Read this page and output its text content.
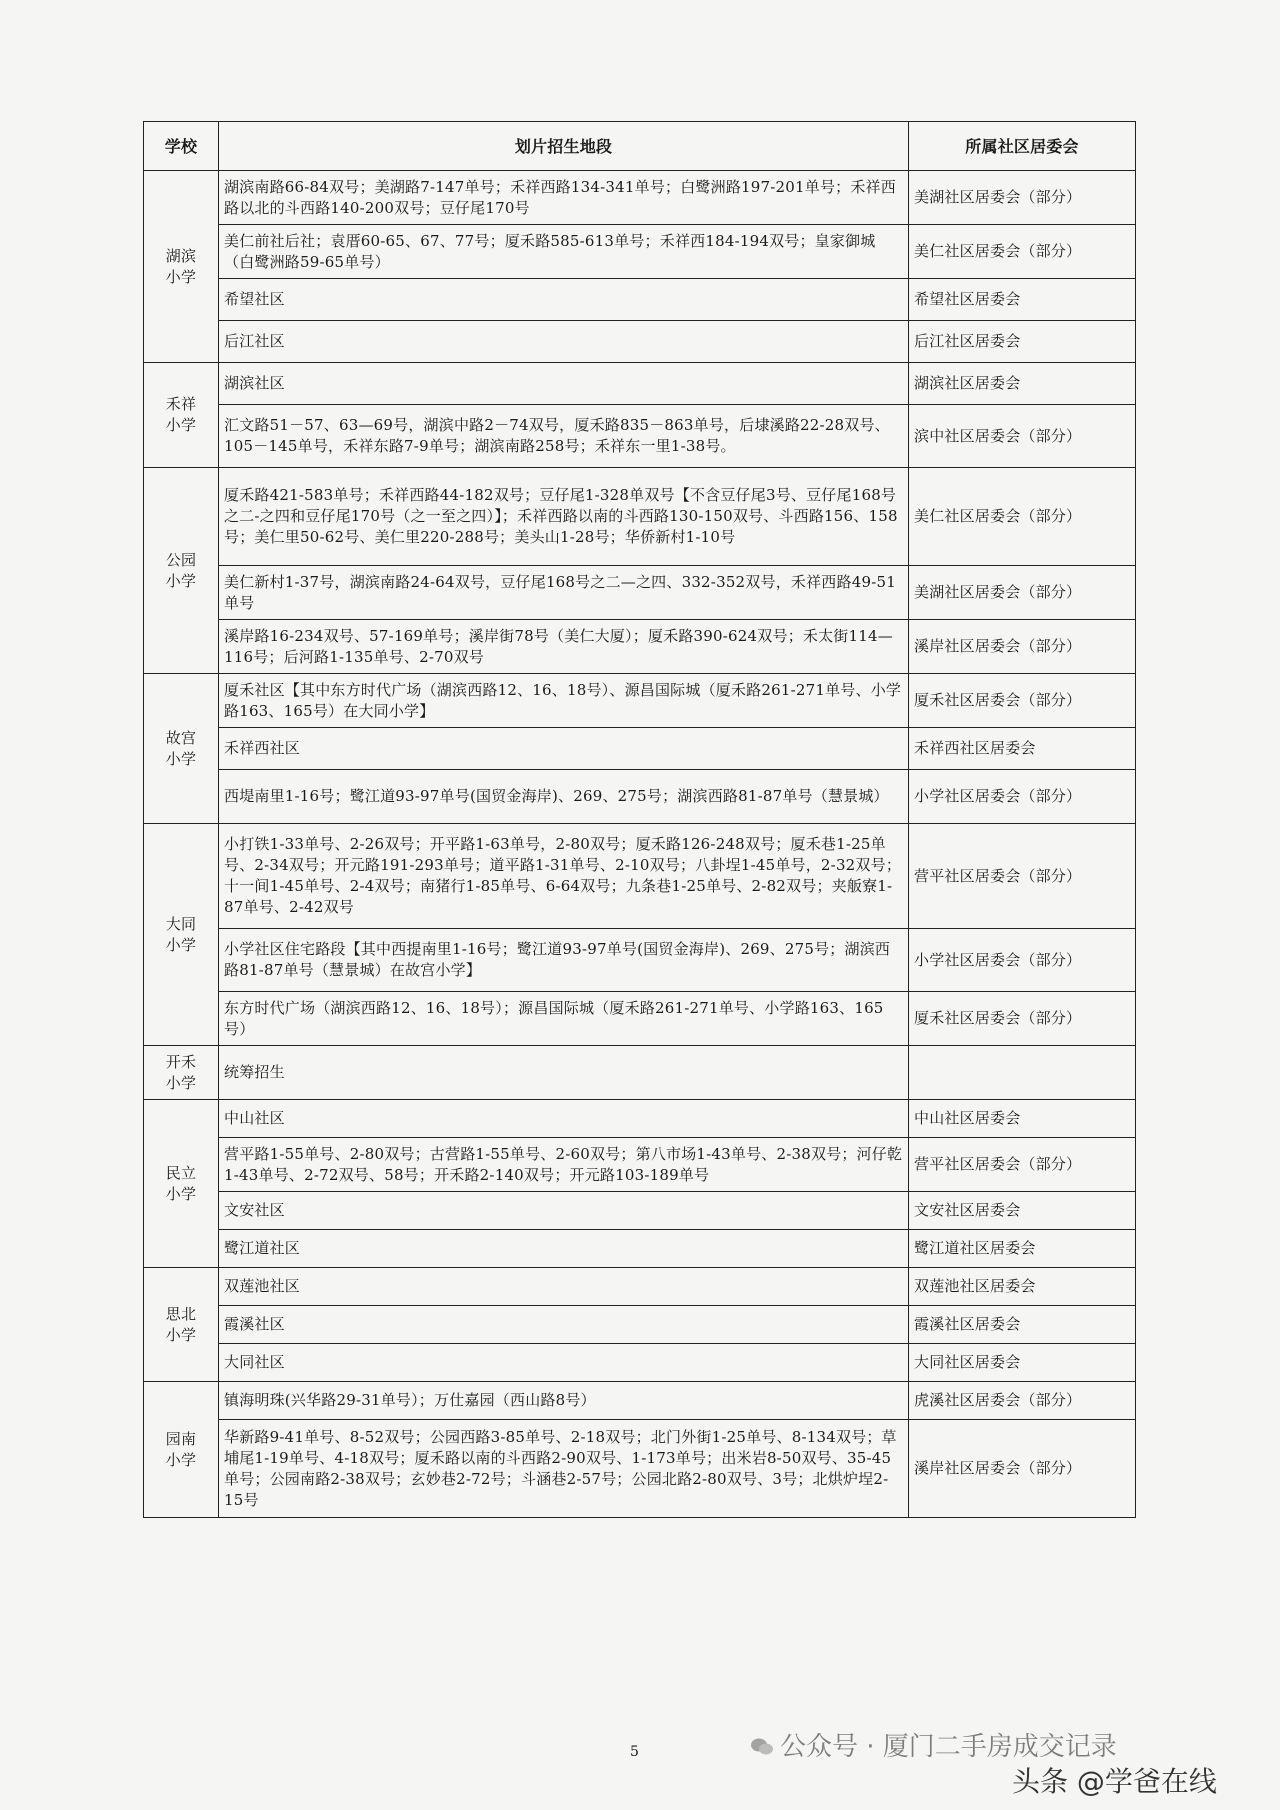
学校	划片招生地段	所属社区居委会
湖滨小学	湖滨南路66-84双号；美湖路7-147单号；禾祥西路134-341单号；白鹭洲路197-201单号；禾祥西路以北的斗西路140-200双号；豆仔尾170号	美湖社区居委会（部分）
	美仁前社后社；袁厝60-65、67、77号；厦禾路585-613单号；禾祥西184-194双号；皇家御城（白鹭洲路59-65单号）	美仁社区居委会（部分）
	希望社区	希望社区居委会
	后江社区	后江社区居委会
禾祥小学	湖滨社区	湖滨社区居委会
	汇文路51－57、63—69号，湖滨中路2－74双号，厦禾路835－863单号，后埭溪路22-28双号、105－145单号，禾祥东路7-9单号；湖滨南路258号；禾祥东一里1-38号。	滨中社区居委会（部分）
公园小学	厦禾路421-583单号；禾祥西路44-182双号；豆仔尾1-328单双号【不含豆仔尾3号、豆仔尾168号之二-之四和豆仔尾170号（之一至之四）】；禾祥西路以南的斗西路130-150双号、斗西路156、158号；美仁里50-62号、美仁里220-288号；美头山1-28号；华侨新村1-10号	美仁社区居委会（部分）
	美仁新村1-37号，湖滨南路24-64双号，豆仔尾168号之二—之四、332-352双号，禾祥西路49-51单号	美湖社区居委会（部分）
	溪岸路16-234双号、57-169单号；溪岸街78号（美仁大厦）；厦禾路390-624双号；禾太街114—116号；后河路1-135单号、2-70双号	溪岸社区居委会（部分）
故宫小学	厦禾社区【其中东方时代广场（湖滨西路12、16、18号）、源昌国际城（厦禾路261-271单号、小学路163、165号）在大同小学】	厦禾社区居委会（部分）
	禾祥西社区	禾祥西社区居委会
	西堤南里1-16号；鹭江道93-97单号(国贸金海岸)、269、275号；湖滨西路81-87单号（慧景城）	小学社区居委会（部分）
大同小学	小打铁1-33单号、2-26双号；开平路1-63单号，2-80双号；厦禾路126-248双号；厦禾巷1-25单号、2-34双号；开元路191-293单号；道平路1-31单号、2-10双号；八卦埕1-45单号，2-32双号；十一间1-45单号、2-4双号；南猪行1-85单号、6-64双号；九条巷1-25单号、2-82双号；夹舨寮1-87单号、2-42双号	营平社区居委会（部分）
	小学社区住宅路段【其中西提南里1-16号；鹭江道93-97单号(国贸金海岸)、269、275号；湖滨西路81-87单号（慧景城）在故宫小学】	小学社区居委会（部分）
	东方时代广场（湖滨西路12、16、18号）；源昌国际城（厦禾路261-271单号、小学路163、165号）	厦禾社区居委会（部分）
开禾小学	统筹招生	
民立小学	中山社区	中山社区居委会
	营平路1-55单号、2-80双号；古营路1-55单号、2-60双号；第八市场1-43单号、2-38双号；河仔乾1-43单号、2-72双号、58号；开禾路2-140双号；开元路103-189单号	营平社区居委会（部分）
	文安社区	文安社区居委会
	鹭江道社区	鹭江道社区居委会
思北小学	双莲池社区	双莲池社区居委会
	霞溪社区	霞溪社区居委会
	大同社区	大同社区居委会
园南小学	镇海明珠(兴华路29-31单号）；万仕嘉园（西山路8号）	虎溪社区居委会（部分）
	华新路9-41单号、8-52双号；公园西路3-85单号、2-18双号；北门外街1-25单号、8-134双号；草埔尾1-19单号、4-18双号；厦禾路以南的斗西路2-90双号、1-173单号；出米岩8-50双号、35-45单号；公园南路2-38双号；玄妙巷2-72号；斗涵巷2-57号；公园北路2-80双号、3号；北烘炉埕2-15号	溪岸社区居委会（部分）
5	公众号 · 厦门二手房成交记录
头条 @学爸在线
